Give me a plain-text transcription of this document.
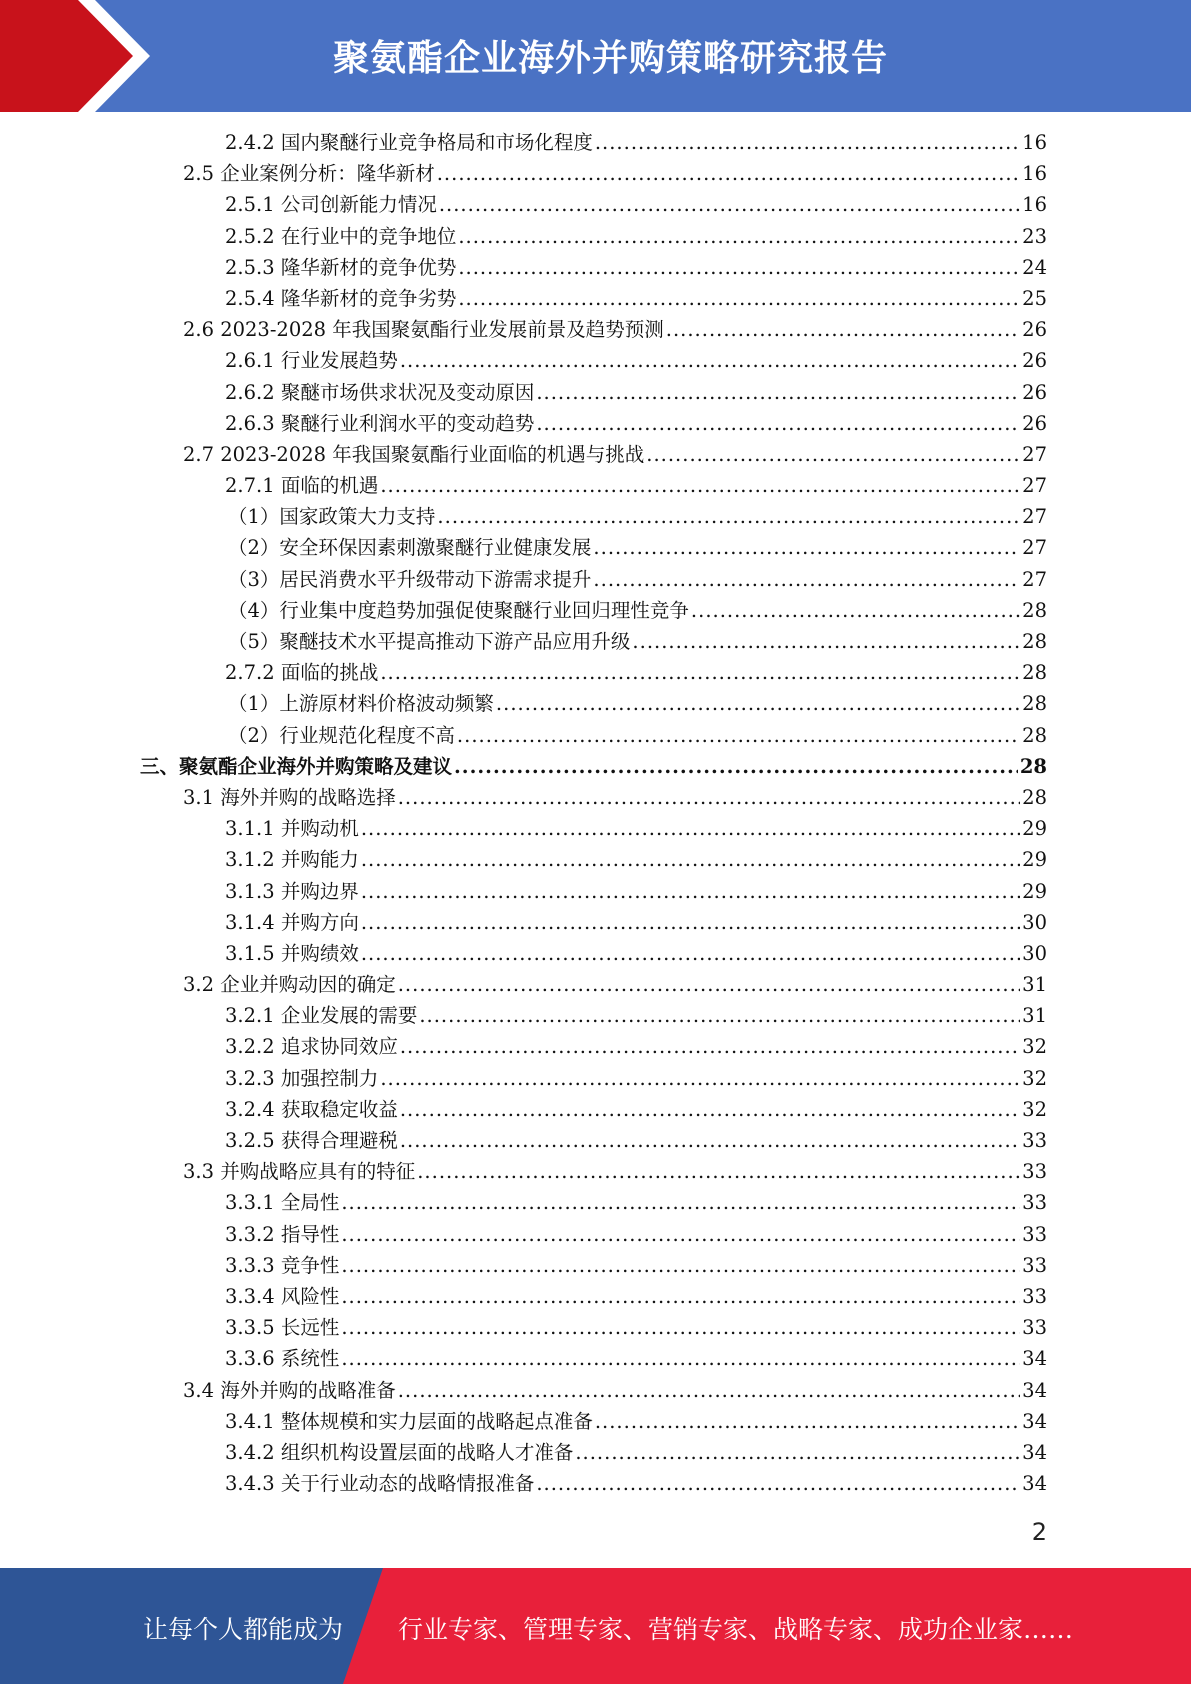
聚氨酯企业海外并购策略研究报告
2.4.2 国内聚醚行业竞争格局和市场化程度 .....	16
2.5 企业案例分析：隆华新材 .....	16
2.5.1 公司创新能力情况 .....	16
2.5.2 在行业中的竞争地位 .....	23
2.5.3 隆华新材的竞争优势 .....	24
2.5.4 隆华新材的竞争劣势 .....	25
2.6 2023-2028 年我国聚氨酯行业发展前景及趋势预测 .....	26
2.6.1 行业发展趋势 .....	26
2.6.2 聚醚市场供求状况及变动原因 .....	26
2.6.3 聚醚行业利润水平的变动趋势 .....	26
2.7 2023-2028 年我国聚氨酯行业面临的机遇与挑战 .....	27
2.7.1 面临的机遇 .....	27
（1）国家政策大力支持 .....	27
（2）安全环保因素刺激聚醚行业健康发展 .....	27
（3）居民消费水平升级带动下游需求提升 .....	27
（4）行业集中度趋势加强促使聚醚行业回归理性竞争 .....	28
（5）聚醚技术水平提高推动下游产品应用升级 .....	28
2.7.2 面临的挑战 .....	28
（1）上游原材料价格波动频繁 .....	28
（2）行业规范化程度不高 .....	28
三、聚氨酯企业海外并购策略及建议 .....	28
3.1 海外并购的战略选择 .....	28
3.1.1 并购动机 .....	29
3.1.2 并购能力 .....	29
3.1.3 并购边界 .....	29
3.1.4 并购方向 .....	30
3.1.5 并购绩效 .....	30
3.2 企业并购动因的确定 .....	31
3.2.1 企业发展的需要 .....	31
3.2.2 追求协同效应 .....	32
3.2.3 加强控制力 .....	32
3.2.4 获取稳定收益 .....	32
3.2.5 获得合理避税 .....	33
3.3 并购战略应具有的特征 .....	33
3.3.1 全局性 .....	33
3.3.2 指导性 .....	33
3.3.3 竞争性 .....	33
3.3.4 风险性 .....	33
3.3.5 长远性 .....	33
3.3.6 系统性 .....	34
3.4 海外并购的战略准备 .....	34
3.4.1 整体规模和实力层面的战略起点准备 .....	34
3.4.2 组织机构设置层面的战略人才准备 .....	34
3.4.3 关于行业动态的战略情报准备 .....	34
2
让每个人都能成为 行业专家、管理专家、营销专家、战略专家、成功企业家……
